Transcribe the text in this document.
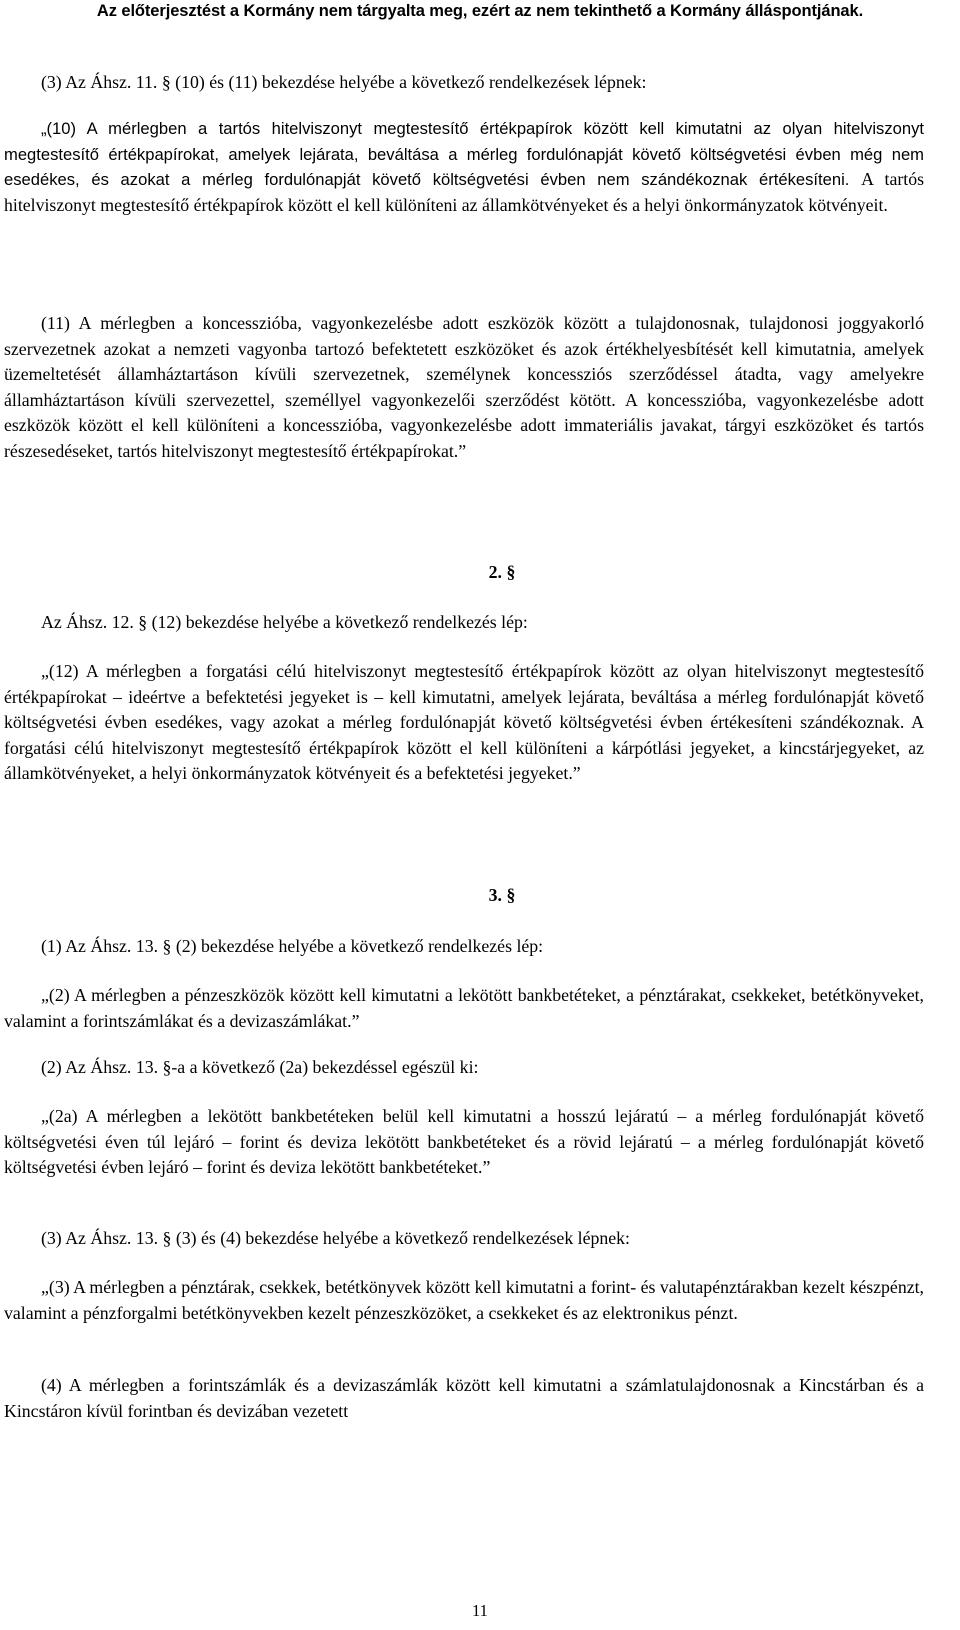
Az előterjesztést a Kormány nem tárgyalta meg, ezért az nem tekinthető a Kormány álláspontjának.

(3) Az Áhsz. 11. § (10) és (11) bekezdése helyébe a következő rendelkezések lépnek:

„(10) A mérlegben a tartós hitelviszonyt megtestesítő értékpapírok között kell kimutatni az olyan hitelviszonyt megtestesítő értékpapírokat, amelyek lejárata, beváltása a mérleg fordulónapját követő költségvetési évben még nem esedékes, és azokat a mérleg fordulónapját követő költségvetési évben nem szándékoznak értékesíteni. A tartós hitelviszonyt megtestesítő értékpapírok között el kell különíteni az államkötvényeket és a helyi önkormányzatok kötvényeit.

(11) A mérlegben a koncesszióba, vagyonkezelésbe adott eszközök között a tulajdonosnak, tulajdonosi joggyakorló szervezetnek azokat a nemzeti vagyonba tartozó befektetett eszközöket és azok értékhelyesbítését kell kimutatnia, amelyek üzemeltetését államháztartáson kívüli szervezetnek, személynek koncessziós szerződéssel átadta, vagy amelyekre államháztartáson kívüli szervezettel, személlyel vagyonkezelői szerződést kötött. A koncesszióba, vagyonkezelésbe adott eszközök között el kell különíteni a koncesszióba, vagyonkezelésbe adott immateriális javakat, tárgyi eszközöket és tartós részesedéseket, tartós hitelviszonyt megtestesítő értékpapírokat.”

2. §

Az Áhsz. 12. § (12) bekezdése helyébe a következő rendelkezés lép:

„(12) A mérlegben a forgatási célú hitelviszonyt megtestesítő értékpapírok között az olyan hitelviszonyt megtestesítő értékpapírokat – ideértve a befektetési jegyeket is – kell kimutatni, amelyek lejárata, beváltása a mérleg fordulónapját követő költségvetési évben esedékes, vagy azokat a mérleg fordulónapját követő költségvetési évben értékesíteni szándékoznak. A forgatási célú hitelviszonyt megtestesítő értékpapírok között el kell különíteni a kárpótlási jegyeket, a kincstárjegyeket, az államkötvényeket, a helyi önkormányzatok kötvényeit és a befektetési jegyeket.”

3. §

(1) Az Áhsz. 13. § (2) bekezdése helyébe a következő rendelkezés lép:

„(2) A mérlegben a pénzeszközök között kell kimutatni a lekötött bankbetéteket, a pénztárakat, csekkeket, betétkönyveket, valamint a forintszámlákat és a devizaszámlákat.”

(2) Az Áhsz. 13. §-a a következő (2a) bekezdéssel egészül ki:

„(2a) A mérlegben a lekötött bankbetéteken belül kell kimutatni a hosszú lejáratú – a mérleg fordulónapját követő költségvetési éven túl lejáró – forint és deviza lekötött bankbetéteket és a rövid lejáratú – a mérleg fordulónapját követő költségvetési évben lejáró – forint és deviza lekötött bankbetéteket.”

(3) Az Áhsz. 13. § (3) és (4) bekezdése helyébe a következő rendelkezések lépnek:

„(3) A mérlegben a pénztárak, csekkek, betétkönyvek között kell kimutatni a forint- és valutapénztárakban kezelt készpénzt, valamint a pénzforgalmi betétkönyvekben kezelt pénzeszközöket, a csekkeket és az elektronikus pénzt.

(4) A mérlegben a forintszámlák és a devizaszámlák között kell kimutatni a számlatulajdonosnak a Kincstárban és a Kincstáron kívül forintban és devizában vezetett

11
